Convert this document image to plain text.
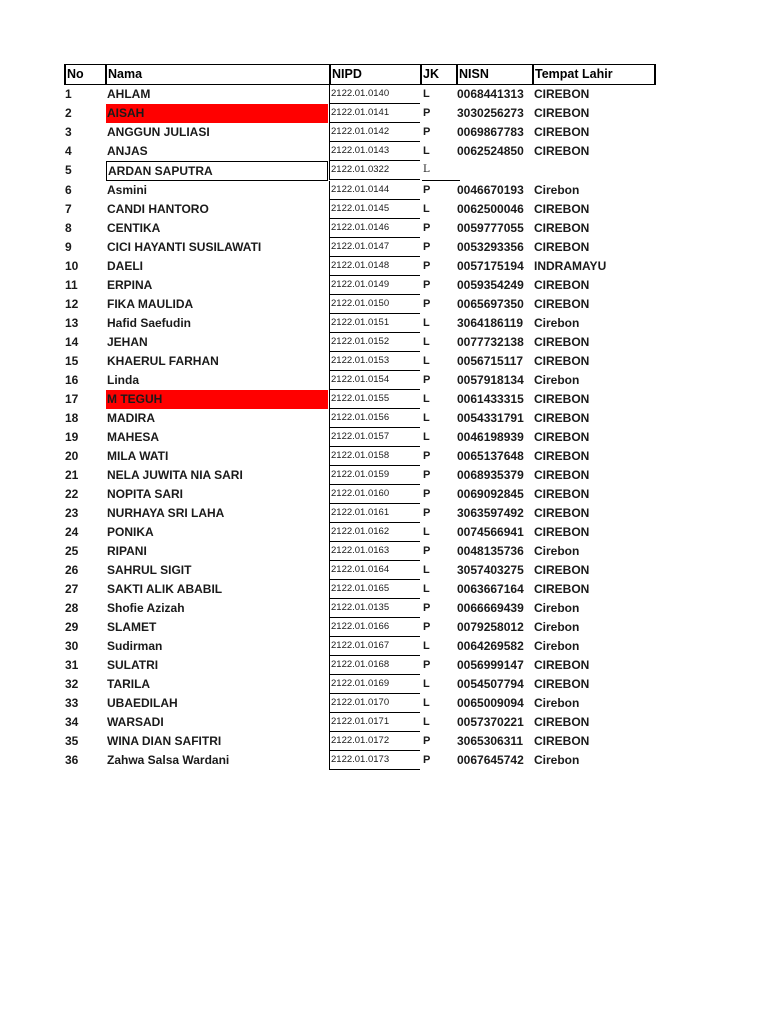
No	Nama	NIPD	JK	NISN	Tempat Lahir
1	AHLAM	2122.01.0140	L	0068441313 CIREBON
2	AISAH	2122.01.0141	P	3030256273 CIREBON
3	ANGGUN JULIASI	2122.01.0142	P	0069867783 CIREBON
4	ANJAS	2122.01.0143	L	0062524850 CIREBON
5	ARDAN SAPUTRA	2122.01.0322	L
6	Asmini	2122.01.0144	P	0046670193 Cirebon
7	CANDI HANTORO	2122.01.0145	L	0062500046 CIREBON
8	CENTIKA	2122.01.0146	P	0059777055 CIREBON
9	CICI HAYANTI SUSILAWATI	2122.01.0147	P	0053293356 CIREBON
10	DAELI	2122.01.0148	P	0057175194 INDRAMAYU
11	ERPINA	2122.01.0149	P	0059354249 CIREBON
12	FIKA MAULIDA	2122.01.0150	P	0065697350 CIREBON
13	Hafid Saefudin	2122.01.0151	L	3064186119 Cirebon
14	JEHAN	2122.01.0152	L	0077732138 CIREBON
15	KHAERUL FARHAN	2122.01.0153	L	0056715117 CIREBON
16	Linda	2122.01.0154	P	0057918134 Cirebon
17	M TEGUH	2122.01.0155	L	0061433315 CIREBON
18	MADIRA	2122.01.0156	L	0054331791 CIREBON
19	MAHESA	2122.01.0157	L	0046198939 CIREBON
20	MILA WATI	2122.01.0158	P	0065137648 CIREBON
21	NELA JUWITA NIA SARI	2122.01.0159	P	0068935379 CIREBON
22	NOPITA SARI	2122.01.0160	P	0069092845 CIREBON
23	NURHAYA SRI LAHA	2122.01.0161	P	3063597492 CIREBON
24	PONIKA	2122.01.0162	L	0074566941 CIREBON
25	RIPANI	2122.01.0163	P	0048135736 Cirebon
26	SAHRUL SIGIT	2122.01.0164	L	3057403275 CIREBON
27	SAKTI ALIK ABABIL	2122.01.0165	L	0063667164 CIREBON
28	Shofie Azizah	2122.01.0135	P	0066669439 Cirebon
29	SLAMET	2122.01.0166	P	0079258012 Cirebon
30	Sudirman	2122.01.0167	L	0064269582 Cirebon
31	SULATRI	2122.01.0168	P	0056999147 CIREBON
32	TARILA	2122.01.0169	L	0054507794 CIREBON
33	UBAEDILAH	2122.01.0170	L	0065009094 Cirebon
34	WARSADI	2122.01.0171	L	0057370221 CIREBON
35	WINA DIAN SAFITRI	2122.01.0172	P	3065306311 CIREBON
36	Zahwa Salsa Wardani	2122.01.0173	P	0067645742 Cirebon
